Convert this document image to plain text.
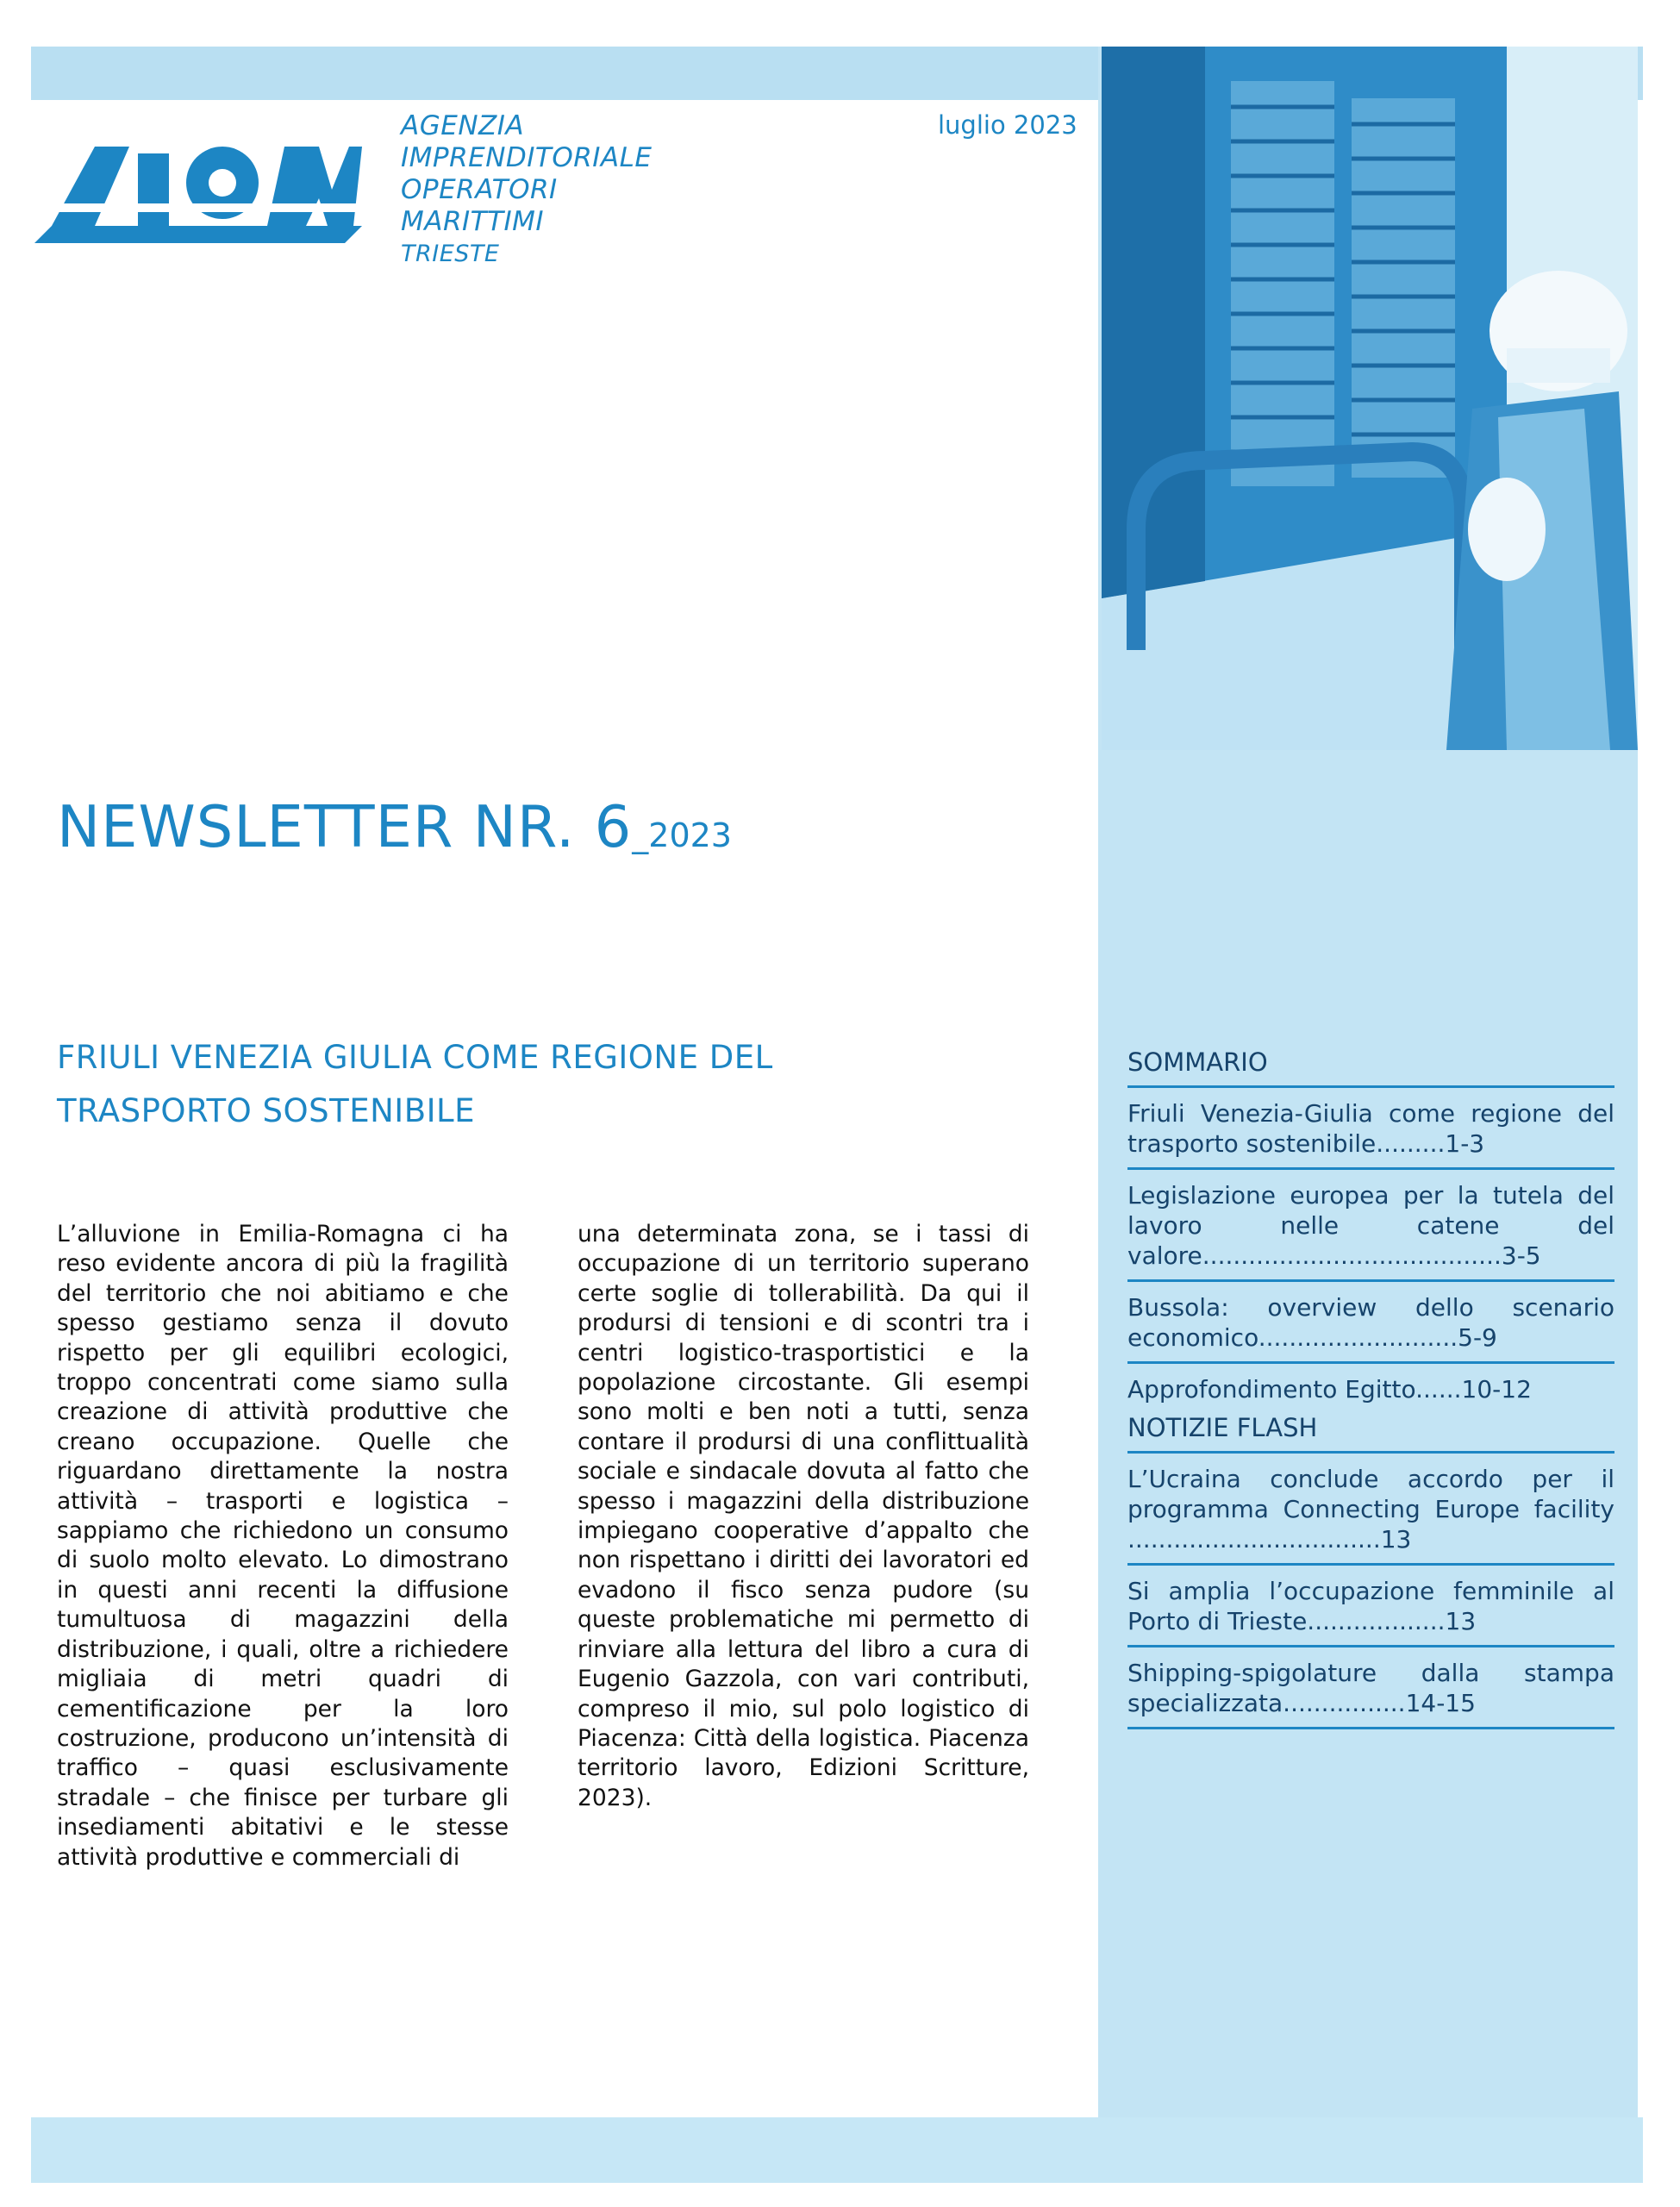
AGENZIA
IMPRENDITORIALE
OPERATORI
MARITTIMI
TRIESTE
luglio 2023
NEWSLETTER NR. 6_2023
FRIULI VENEZIA GIULIA COME REGIONE DEL
TRASPORTO SOSTENIBILE
L’alluvione in Emilia-Romagna ci ha reso evidente ancora di più la fragilità del territorio che noi abitiamo e che spesso gestiamo senza il dovuto rispetto per gli equilibri ecologici, troppo concentrati come siamo sulla creazione di attività produttive che creano occupazione. Quelle che riguardano direttamente la nostra attività – trasporti e logistica – sappiamo che richiedono un consumo di suolo molto elevato. Lo dimostrano in questi anni recenti la diffusione tumultuosa di magazzini della distribuzione, i quali, oltre a richiedere migliaia di metri quadri di cementificazione per la loro costruzione, producono un’intensità di traffico – quasi esclusivamente stradale – che finisce per turbare gli insediamenti abitativi e le stesse attività produttive e commerciali di
una determinata zona, se i tassi di occupazione di un territorio superano certe soglie di tollerabilità. Da qui il prodursi di tensioni e di scontri tra i centri logistico-trasportistici e la popolazione circostante. Gli esempi sono molti e ben noti a tutti, senza contare il prodursi di una conflittualità sociale e sindacale dovuta al fatto che spesso i magazzini della distribuzione impiegano cooperative d’appalto che non rispettano i diritti dei lavoratori ed evadono il fisco senza pudore (su queste problematiche mi permetto di rinviare alla lettura del libro a cura di Eugenio Gazzola, con vari contributi, compreso il mio, sul polo logistico di Piacenza: Città della logistica. Piacenza territorio lavoro, Edizioni Scritture, 2023).
SOMMARIO
Friuli Venezia-Giulia come regione del trasporto sostenibile.........1-3
Legislazione europea per la tutela del lavoro nelle catene del valore.......................................3-5
Bussola: overview dello scenario economico..........................5-9
Approfondimento Egitto......10-12
NOTIZIE FLASH
L’Ucraina conclude accordo per il programma Connecting Europe facility .................................13
Si amplia l’occupazione femminile al Porto di Trieste..................13
Shipping-spigolature dalla stampa specializzata................14-15
